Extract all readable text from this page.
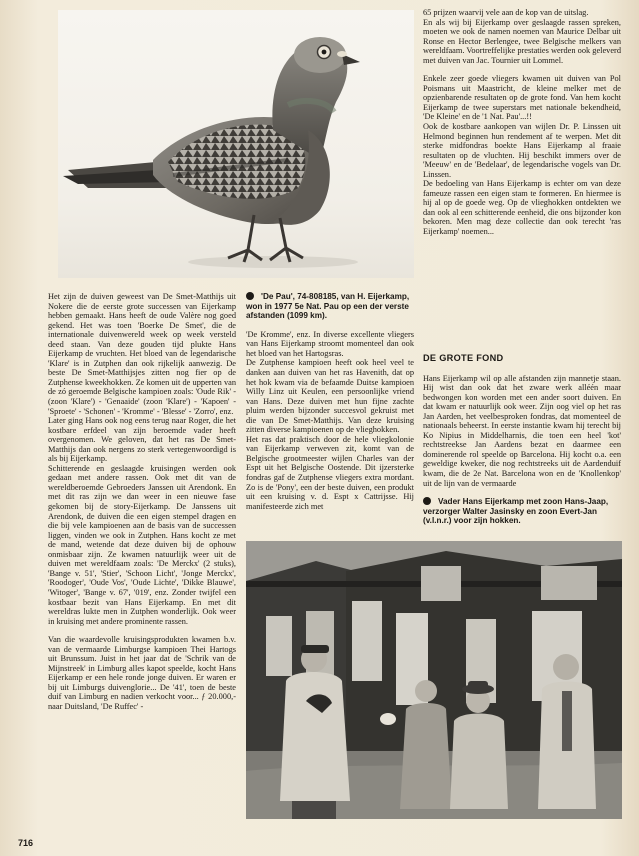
65 prijzen waarvij vele aan de kop van de uitslag.

En als wij bij Eijerkamp over geslaagde rassen spreken, moeten we ook de namen noemen van Maurice Delbar uit Ronse en Hector Berlengee, twee Belgische melkers van wereldfaam. Voortreffelijke prestaties werden ook geleverd met duiven van Jac. Tournier uit Lommel.

Enkele zeer goede vliegers kwamen uit duiven van Pol Poismans uit Maastricht, de kleine melker met de opzienbarende resultaten op de grote fond. Van hem kocht Eijerkamp de twee superstars met nationale bekendheid, 'De Kleine' en de '1 Nat. Pau'...!!

Ook de kostbare aankopen van wijlen Dr. P. Linssen uit Helmond beginnen hun rendement af te werpen. Met dit sterke midfondras boekte Hans Eijerkamp al fraaie resultaten op de vluchten. Hij beschikt immers over de 'Meeuw' en de 'Bedelaar', de legendarische vogels van Dr. Linssen.

De bedoeling van Hans Eijerkamp is echter om van deze fameuze rassen een eigen stam te formeren. En hiermee is hij al op de goede weg. Op de vlieghokken ontdekten we dan ook al een schitterende eenheid, die ons bijzonder kon bekoren. Men mag deze collectie dan ook terecht 'ras Eijerkamp' noemen...

Het zijn de duiven geweest van De Smet-Matthijs uit Nokere die de eerste grote successen van Eijerkamp hebben gemaakt. Hans heeft de oude Valère nog goed gekend. Het was toen 'Boerke De Smet', die de internationale duivenwereld week op week versteld deed staan. Van deze gouden tijd plukte Hans Eijerkamp de vruchten. Het bloed van de legendarische 'Klare' is in Zutphen dan ook rijkelijk aanwezig. De beste De Smet-Matthijsjes zitten nog fier op de Zutphense kweekhokken. Ze komen uit de upperten van de zó geroemde Belgische kampioen zoals: 'Oude Rik' - (zoon 'Klare') - 'Genaaide' (zoon 'Klare') - 'Kapoen' - 'Sproete' - 'Schonen' - 'Kromme' - 'Blesse' - 'Zorro', enz.

Later ging Hans ook nog eens terug naar Roger, die het kostbare erfdeel van zijn beroemde vader heeft overgenomen. We geloven, dat het ras De Smet-Matthijs dan ook nergens zo sterk vertegenwoordigd is als bij Eijerkamp.

Schitterende en geslaagde kruisingen werden ook gedaan met andere rassen. Ook met dit van de wereldberoemde Gebroeders Janssen uit Arendonk. En met dit ras zijn we dan weer in een nieuwe fase gekomen bij de story-Eijerkamp. De Janssens uit Arendonk, de duiven die een eigen stempel dragen en die bij vele kampioenen aan de basis van de successen liggen, vinden we ook in Zutphen. Hans kocht ze met de mand, wetende dat deze duiven bij de ophouw onmisbaar zijn. Ze kwamen natuurlijk weer uit de duiven met wereldfaam zoals: 'De Merckx' (2 stuks), 'Bange v. 51', 'Stier', 'Schoon Licht', 'Jonge Merckx', 'Roodoger', 'Oude Vos', 'Oude Lichte', 'Dikke Blauwe', 'Witoger', 'Bange v. 67', '019', enz. Zonder twijfel een kostbaar bezit van Hans Eijerkamp. En met dit wereldras lukte men in Zutphen wonderlijk. Ook weer in kruising met andere prominente rassen.

Van die waardevolle kruisingsprodukten kwamen b.v. van de vermaarde Limburgse kampioen Thei Hartogs uit Brunssum. Juist in het jaar dat de 'Schrik van de Mijnstreek' in Limburg alles kapot speelde, kocht Hans Eijerkamp er een hele ronde jonge duiven. Er waren er bij uit Limburgs duivenglorie... De '41', toen de beste duif van Limburg en nadien verkocht voor... ƒ 20.000,- naar Duitsland, 'De Ruffec' -

'De Pau', 74-808185, van H. Eijerkamp, won in 1977 5e Nat. Pau op een der verste afstanden (1099 km).

'De Kromme', enz. In diverse excellente vliegers van Hans Eijerkamp stroomt momenteel dan ook het bloed van het Hartogsras.

De Zutphense kampioen heeft ook heel veel te danken aan duiven van het ras Havenith, dat op het hok kwam via de befaamde Duitse kampioen Willy Linz uit Keulen, een persoonlijke vriend van Hans. Deze duiven met hun fijne zachte pluim werden bijzonder succesvol gekruist met die van De Smet-Matthijs. Van deze kruising zitten diverse kampioenen op de vlieghokken.

Het ras dat praktisch door de hele vliegkolonie van Eijerkamp verweven zit, komt van de Belgische grootmeester wijlen Charles van der Espt uit het Belgische Oostende. Dit ijzersterke fondras gaf de Zutphense vliegers extra mordant. Zo is de 'Pony', een der beste duiven, een produkt uit een kruising v. d. Espt x Cattrijsse. Hij manifesteerde zich met

DE GROTE FOND

Hans Eijerkamp wil op alle afstanden zijn mannetje staan. Hij wist dan ook dat het zware werk alléén maar bedwongen kon worden met een ander soort duiven. En dat kwam er natuurlijk ook weer. Zijn oog viel op het ras Jan Aarden, het veelbesproken fondras, dat momenteel de nationaals beheerst. In eerste instantie kwam hij terecht bij Ko Nipius in Middelharnis, die toen een heel 'kot' rechtstreekse Jan Aardens bezat en daarmee een dominerende rol speelde op Barcelona. Hij kocht o.a. een geweldige kweker, die nog rechtstreeks uit de Aardenduif kwam, die de 2e Nat. Barcelona won en de 'Knollenkop' uit de lijn van de vermaarde

Vader Hans Eijerkamp met zoon Hans-Jaap, verzorger Walter Jasinsky en zoon Evert-Jan (v.l.n.r.) voor zijn hokken.

716
